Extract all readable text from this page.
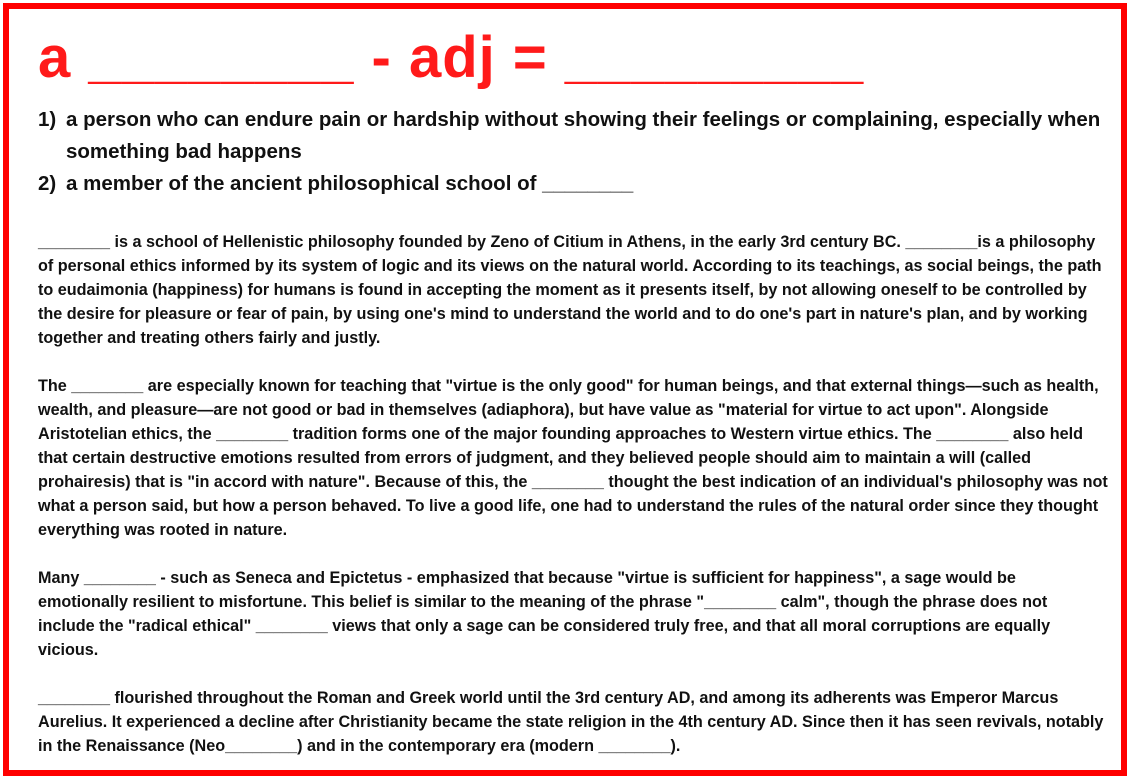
a ________ - adj = _________
1) a person who can endure pain or hardship without showing their feelings or complaining, especially when something bad happens
2) a member of the ancient philosophical school of ________

________ is a school of Hellenistic philosophy founded by Zeno of Citium in Athens, in the early 3rd century BC. ________is a philosophy of personal ethics informed by its system of logic and its views on the natural world. According to its teachings, as social beings, the path to eudaimonia (happiness) for humans is found in accepting the moment as it presents itself, by not allowing oneself to be controlled by the desire for pleasure or fear of pain, by using one's mind to understand the world and to do one's part in nature's plan, and by working together and treating others fairly and justly.

The ________ are especially known for teaching that "virtue is the only good" for human beings, and that external things—such as health, wealth, and pleasure—are not good or bad in themselves (adiaphora), but have value as "material for virtue to act upon". Alongside Aristotelian ethics, the ________ tradition forms one of the major founding approaches to Western virtue ethics. The ________ also held that certain destructive emotions resulted from errors of judgment, and they believed people should aim to maintain a will (called prohairesis) that is "in accord with nature". Because of this, the ________ thought the best indication of an individual's philosophy was not what a person said, but how a person behaved. To live a good life, one had to understand the rules of the natural order since they thought everything was rooted in nature.

Many ________ - such as Seneca and Epictetus - emphasized that because "virtue is sufficient for happiness", a sage would be emotionally resilient to misfortune. This belief is similar to the meaning of the phrase "________ calm", though the phrase does not include the "radical ethical" ________ views that only a sage can be considered truly free, and that all moral corruptions are equally vicious.

________ flourished throughout the Roman and Greek world until the 3rd century AD, and among its adherents was Emperor Marcus Aurelius. It experienced a decline after Christianity became the state religion in the 4th century AD. Since then it has seen revivals, notably in the Renaissance (Neo________) and in the contemporary era (modern ________).
